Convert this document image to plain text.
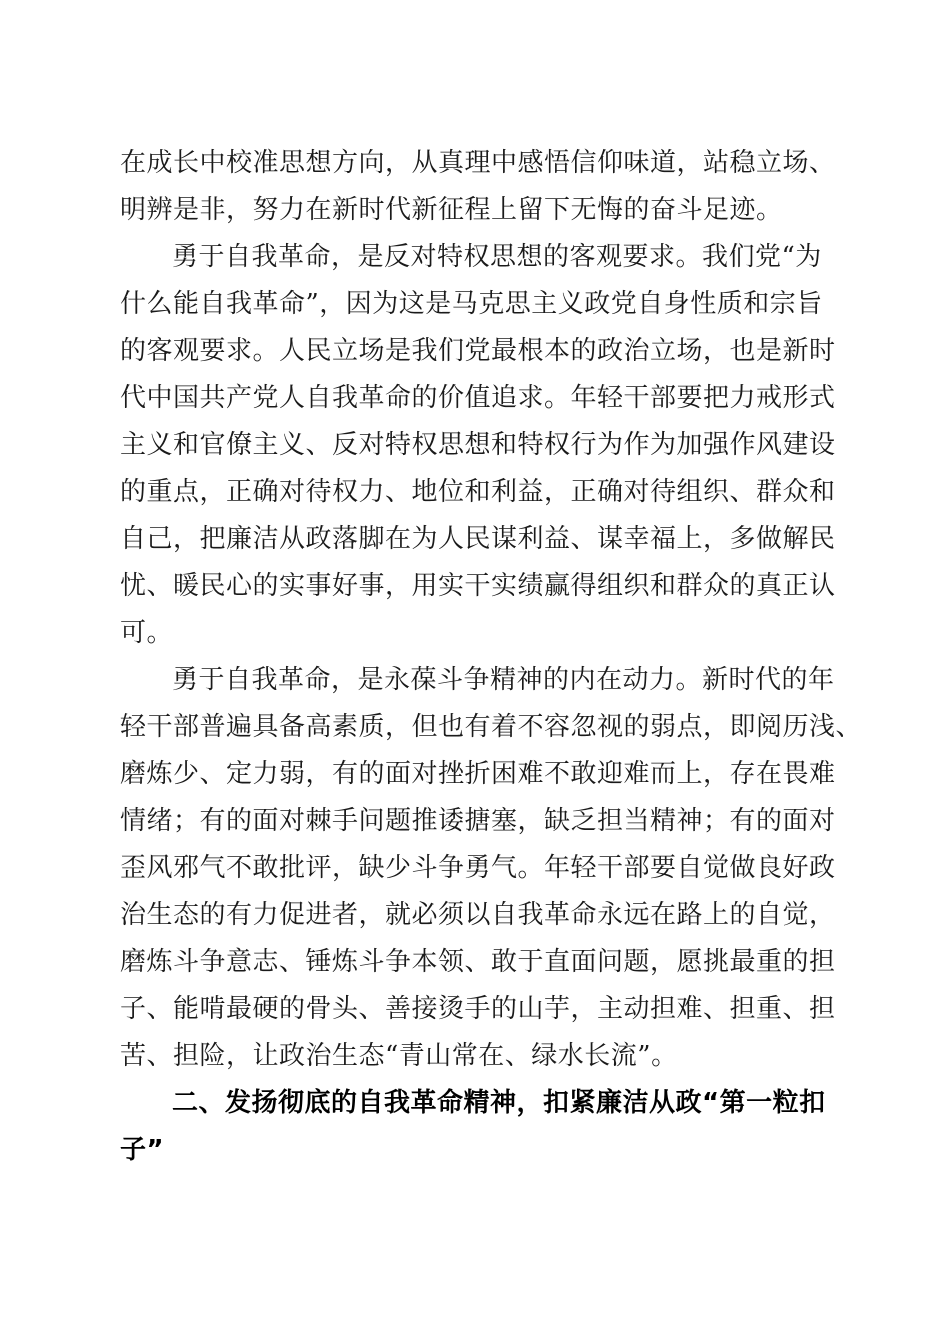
在成长中校准思想方向，从真理中感悟信仰味道，站稳立场、
明辨是非，努力在新时代新征程上留下无悔的奋斗足迹。
勇于自我革命，是反对特权思想的客观要求。我们党“为
什么能自我革命”，因为这是马克思主义政党自身性质和宗旨
的客观要求。人民立场是我们党最根本的政治立场，也是新时
代中国共产党人自我革命的价值追求。年轻干部要把力戒形式
主义和官僚主义、反对特权思想和特权行为作为加强作风建设
的重点，正确对待权力、地位和利益，正确对待组织、群众和
自己，把廉洁从政落脚在为人民谋利益、谋幸福上，多做解民
忧、暖民心的实事好事，用实干实绩赢得组织和群众的真正认
可。
勇于自我革命，是永葆斗争精神的内在动力。新时代的年
轻干部普遍具备高素质，但也有着不容忽视的弱点，即阅历浅、
磨炼少、定力弱，有的面对挫折困难不敢迎难而上，存在畏难
情绪；有的面对棘手问题推诿搪塞，缺乏担当精神；有的面对
歪风邪气不敢批评，缺少斗争勇气。年轻干部要自觉做良好政
治生态的有力促进者，就必须以自我革命永远在路上的自觉，
磨炼斗争意志、锤炼斗争本领、敢于直面问题，愿挑最重的担
子、能啃最硬的骨头、善接烫手的山芋，主动担难、担重、担
苦、担险，让政治生态“青山常在、绿水长流”。
二、发扬彻底的自我革命精神，扣紧廉洁从政“第一粒扣
子”
